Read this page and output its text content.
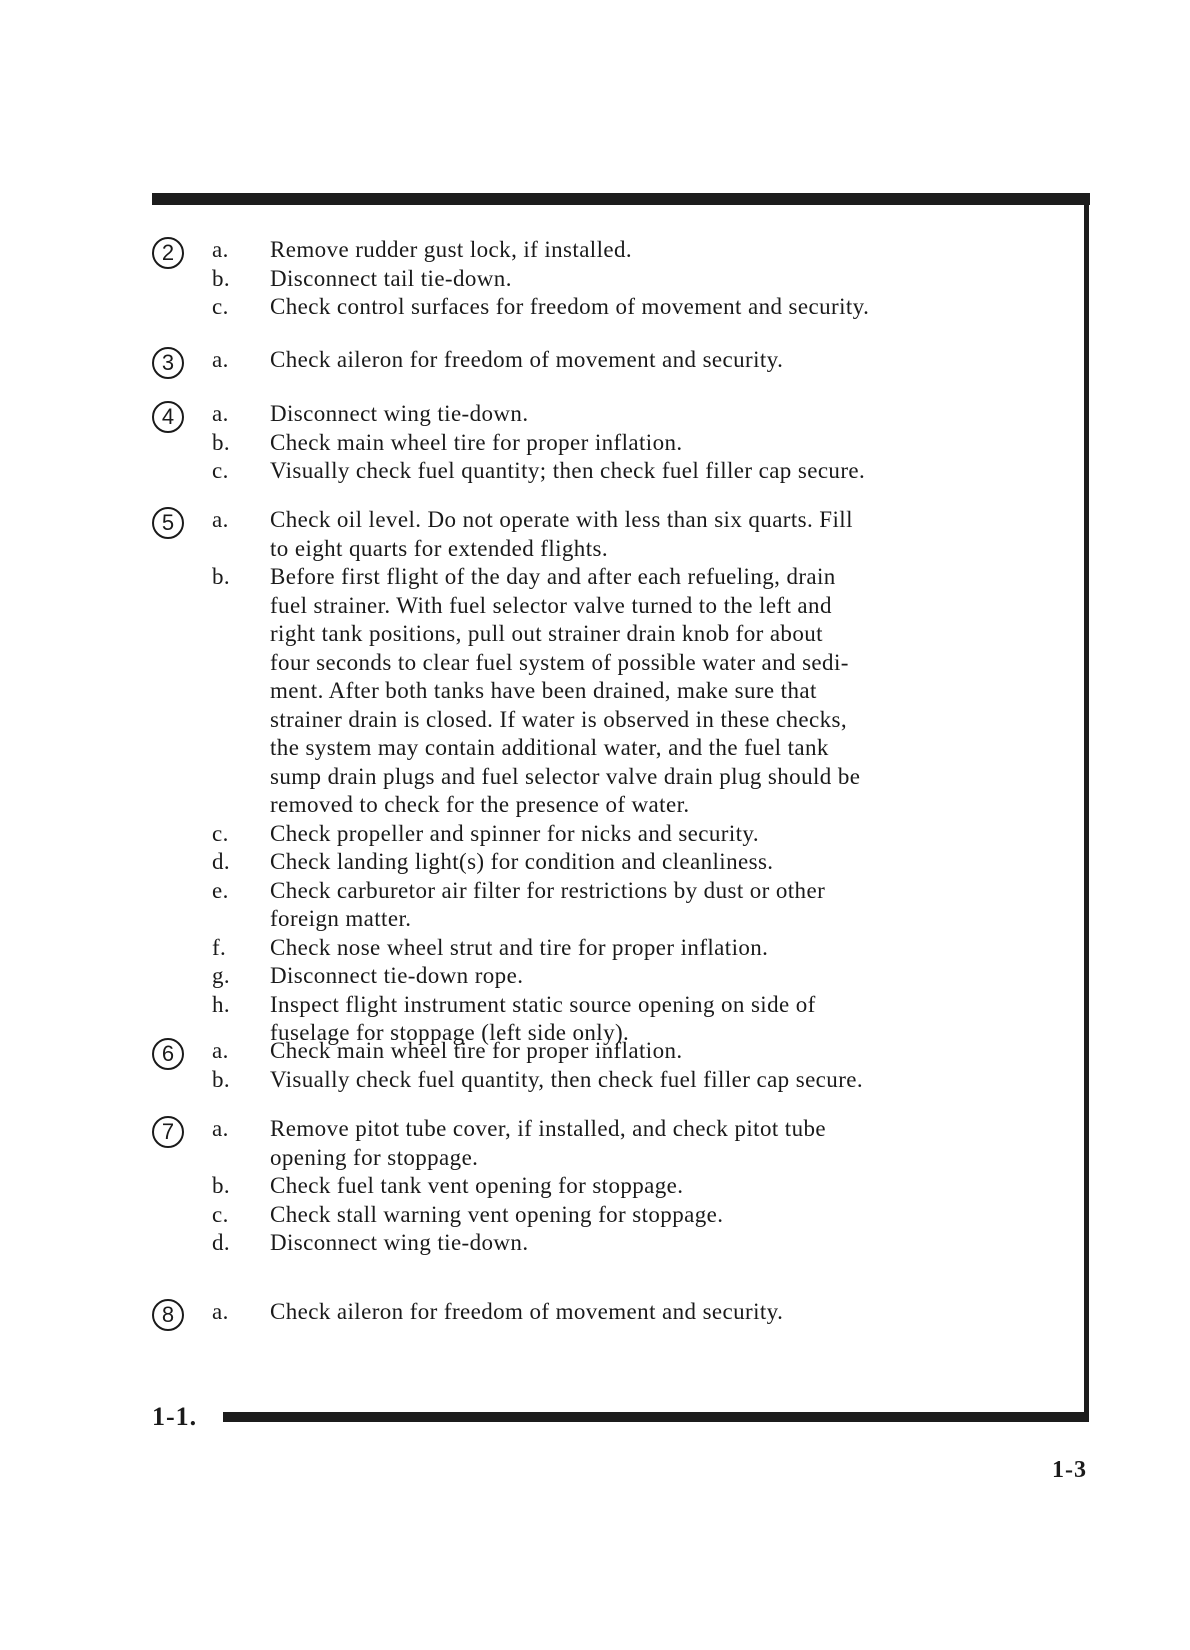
2	a.	Remove rudder gust lock, if installed.
b.	Disconnect tail tie-down.
c.	Check control surfaces for freedom of movement and security.
3	a.	Check aileron for freedom of movement and security.
4	a.	Disconnect wing tie-down.
b.	Check main wheel tire for proper inflation.
c.	Visually check fuel quantity; then check fuel filler cap secure.
5	a.	Check oil level. Do not operate with less than six quarts. Fill
to eight quarts for extended flights.
b.	Before first flight of the day and after each refueling, drain
fuel strainer. With fuel selector valve turned to the left and
right tank positions, pull out strainer drain knob for about
four seconds to clear fuel system of possible water and sedi-
ment. After both tanks have been drained, make sure that
strainer drain is closed. If water is observed in these checks,
the system may contain additional water, and the fuel tank
sump drain plugs and fuel selector valve drain plug should be
removed to check for the presence of water.
c.	Check propeller and spinner for nicks and security.
d.	Check landing light(s) for condition and cleanliness.
e.	Check carburetor air filter for restrictions by dust or other
foreign matter.
f.	Check nose wheel strut and tire for proper inflation.
g.	Disconnect tie-down rope.
h.	Inspect flight instrument static source opening on side of
fuselage for stoppage (left side only).
6	a.	Check main wheel tire for proper inflation.
b.	Visually check fuel quantity, then check fuel filler cap secure.
7	a.	Remove pitot tube cover, if installed, and check pitot tube
opening for stoppage.
b.	Check fuel tank vent opening for stoppage.
c.	Check stall warning vent opening for stoppage.
d.	Disconnect wing tie-down.
8	a.	Check aileron for freedom of movement and security.
1-1.
1-3
